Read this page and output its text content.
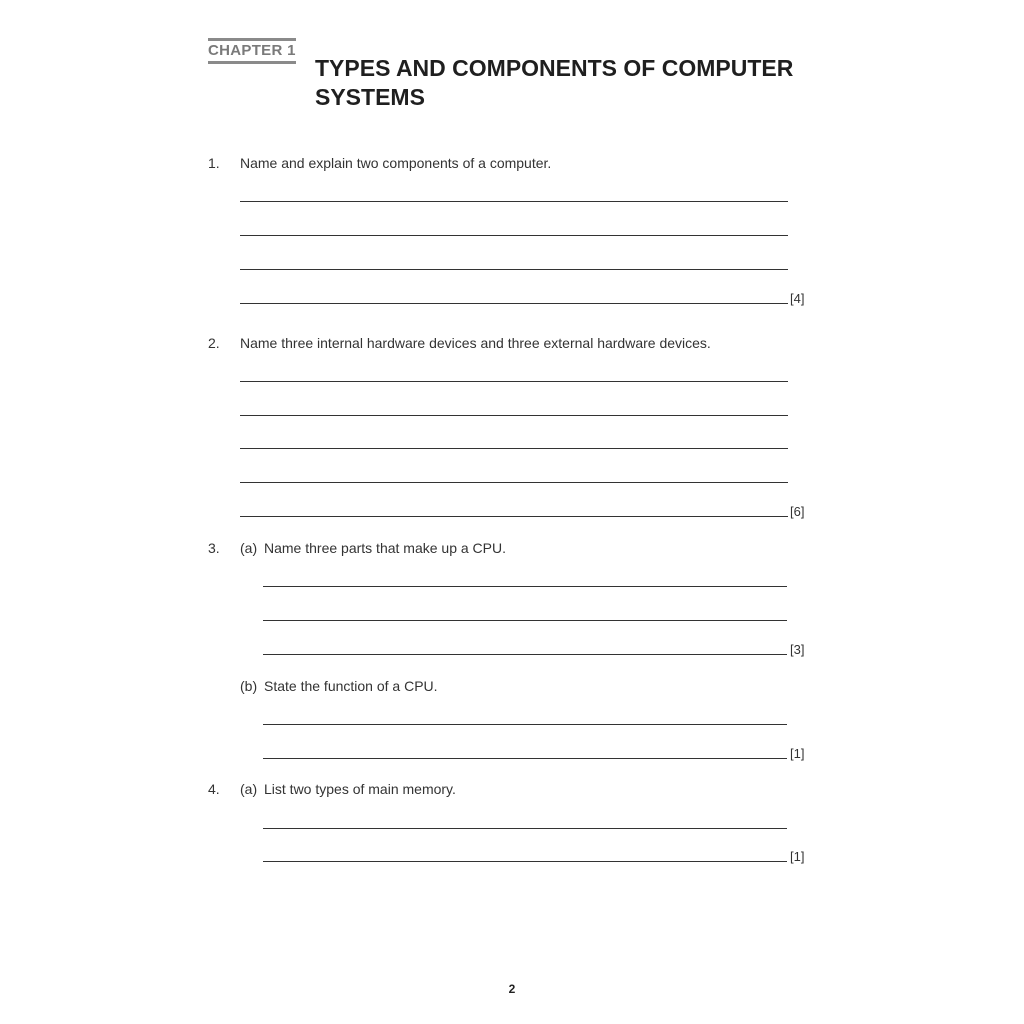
CHAPTER 1
TYPES AND COMPONENTS OF COMPUTER SYSTEMS
1. Name and explain two components of a computer.
[4]
2. Name three internal hardware devices and three external hardware devices.
[6]
3. (a) Name three parts that make up a CPU.
[3]
(b) State the function of a CPU.
[1]
4. (a) List two types of main memory.
[1]
2
